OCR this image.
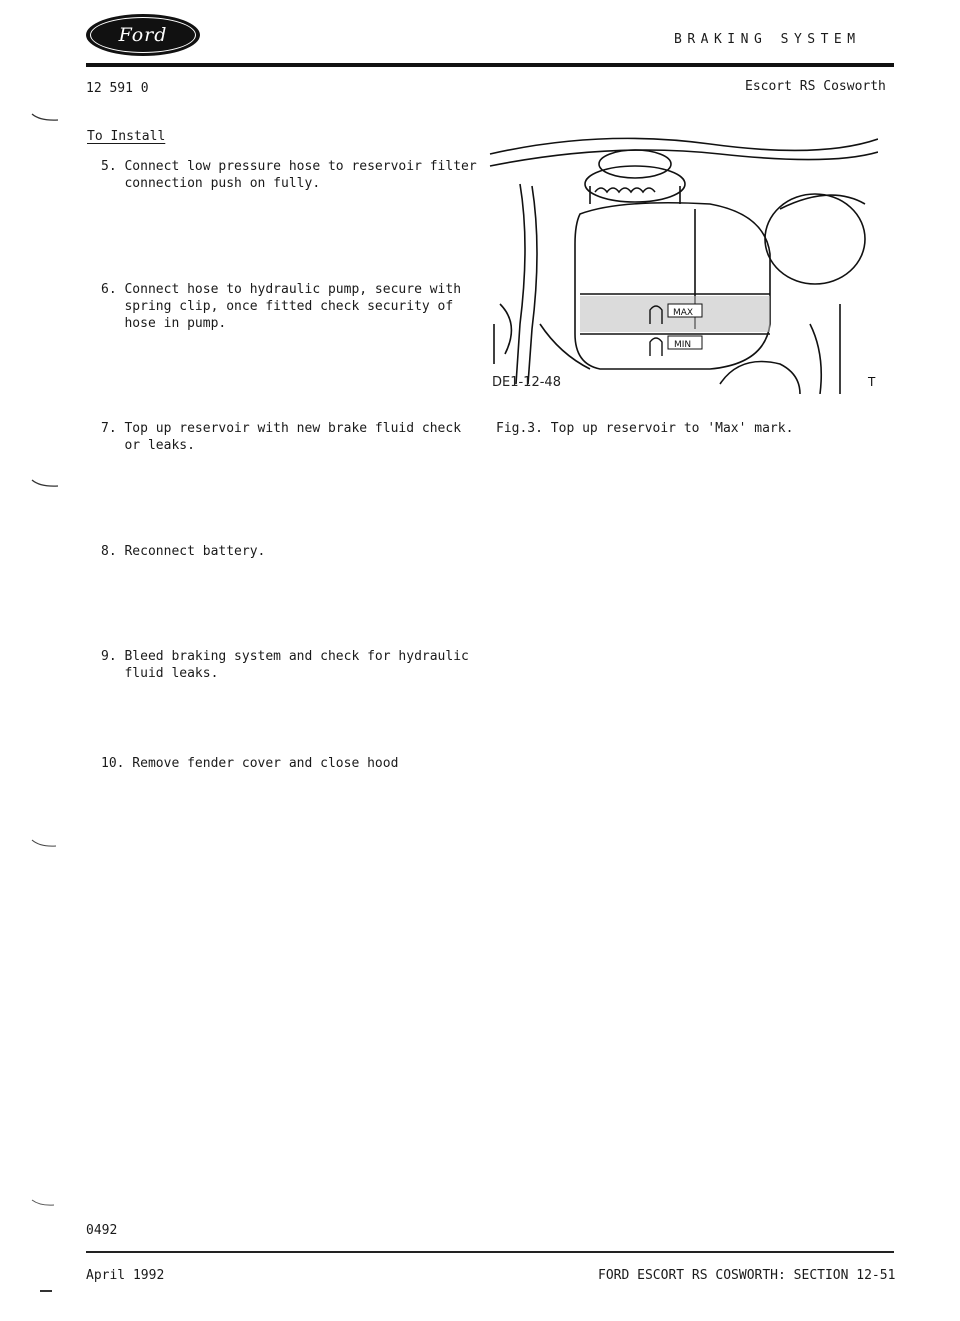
Ford	BRAKING SYSTEM
12 591 0	Escort RS Cosworth
To Install
5. Connect low pressure hose to reservoir filter
connection push on fully.
6. Connect hose to hydraulic pump, secure with
spring clip, once fitted check security of
hose in pump.
7. Top up reservoir with new brake fluid check
or leaks.
8. Reconnect battery.
9. Bleed braking system and check for hydraulic
fluid leaks.
10. Remove fender cover and close hood
MAX
MIN
T
DE1-12-48
Fig.3. Top up reservoir to 'Max' mark.
0492
April 1992	FORD ESCORT RS COSWORTH: SECTION 12-51
